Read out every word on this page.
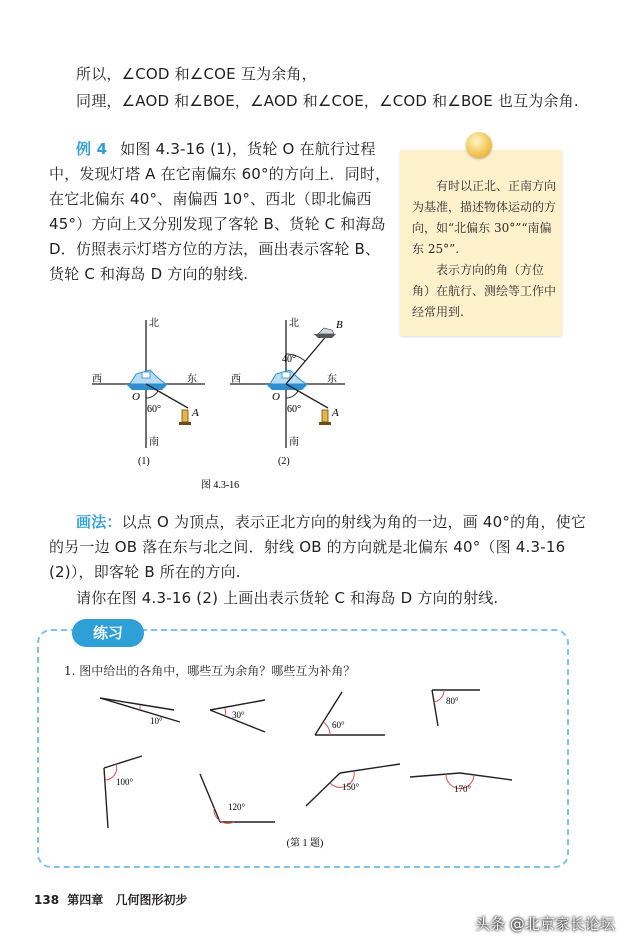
所以，∠COD 和∠COE 互为余角，
同理，∠AOD 和∠BOE，∠AOD 和∠COE，∠COD 和∠BOE 也互为余角.
例 4 如图 4.3-16 (1)，货轮 O 在航行过程
中，发现灯塔 A 在它南偏东 60°的方向上．同时，
在它北偏东 40°、南偏西 10°、西北（即北偏西
45°）方向上又分别发现了客轮 B、货轮 C 和海岛
D．仿照表示灯塔方位的方法，画出表示客轮 B、
货轮 C 和海岛 D 方向的射线.

有时以正北、正南方向为基准，描述物体运动的方向，如“北偏东 30°”“南偏东 25°”.

表示方向的角（方位角）在航行、测绘等工作中经常用到.

北
南
西	东
O
60°	A
(1)
北
南
西	东
O
60°	A
40°
B
(2)
图 4.3-16
画法：以点 O 为顶点，表示正北方向的射线为角的一边，画 40°的角，使它
的另一边 OB 落在东与北之间．射线 OB 的方向就是北偏东 40°（图 4.3-16
(2)），即客轮 B 所在的方向.
请你在图 4.3-16 (2) 上画出表示货轮 C 和海岛 D 方向的射线.
练习
1. 图中给出的各角中，哪些互为余角？哪些互为补角？
10°
30°
60°
80°
100°
120°
150°	170°
(第 1 题)
138 第四章 几何图形初步
头条 @北京家长论坛
